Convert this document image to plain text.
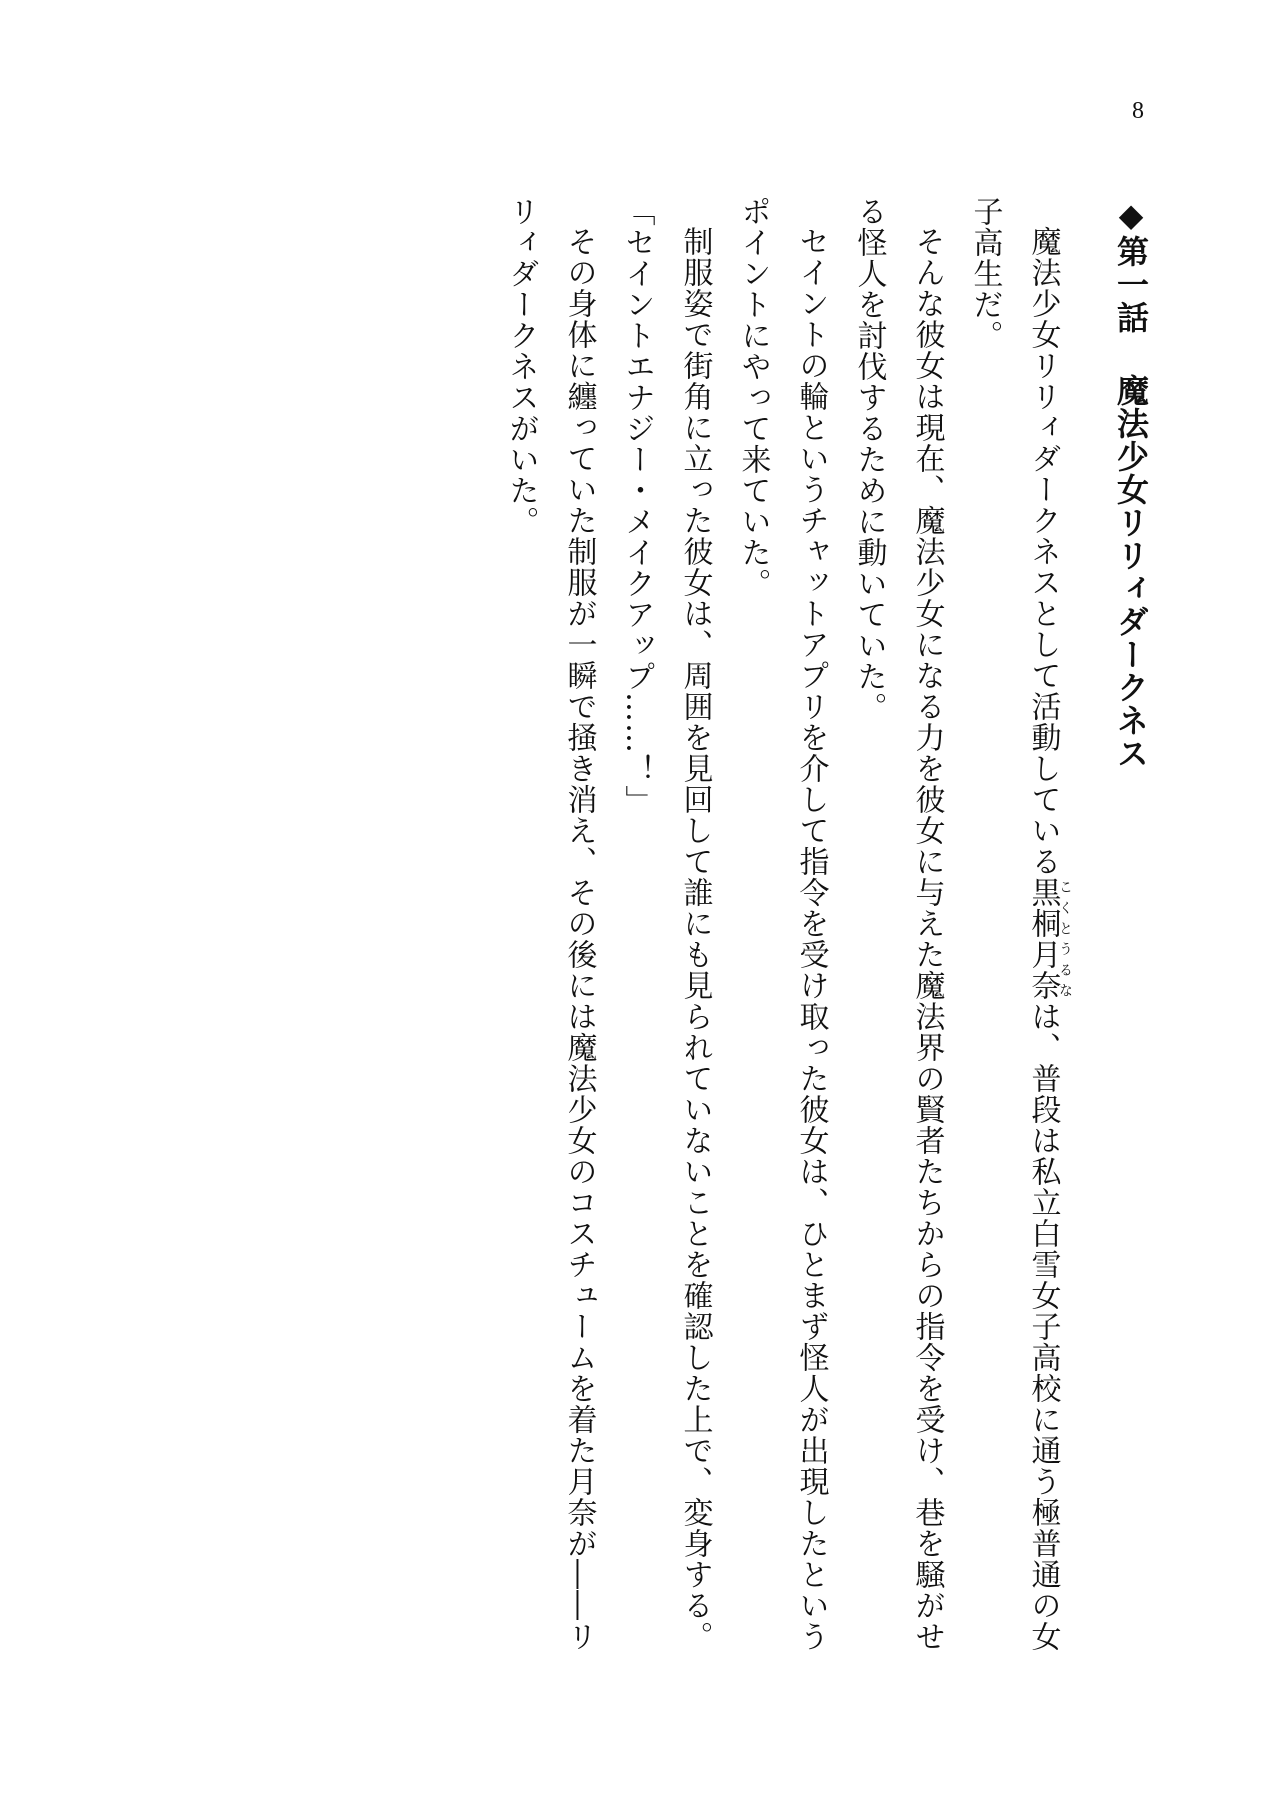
8
◆第一話魔法少女リリィダークネス
魔法少女リリィダークネスとして活動している黒桐月奈こくとうるなは、普段は私立白雪女子高校に通う極普通の女子高生だ。
そんな彼女は現在、魔法少女になる力を彼女に与えた魔法界の賢者たちからの指令を受け、巷を騒がせる怪人を討伐するために動いていた。
セイントの輪というチャットアプリを介して指令を受け取った彼女は、ひとまず怪人が出現したというポイントにやって来ていた。
制服姿で街角に立った彼女は、周囲を見回して誰にも見られていないことを確認した上で、変身する。
「セイントエナジー・メイクアップ……！」
その身体に纏っていた制服が一瞬で掻き消え、その後には魔法少女のコスチュームを着た月奈が――リリィダークネスがいた。
